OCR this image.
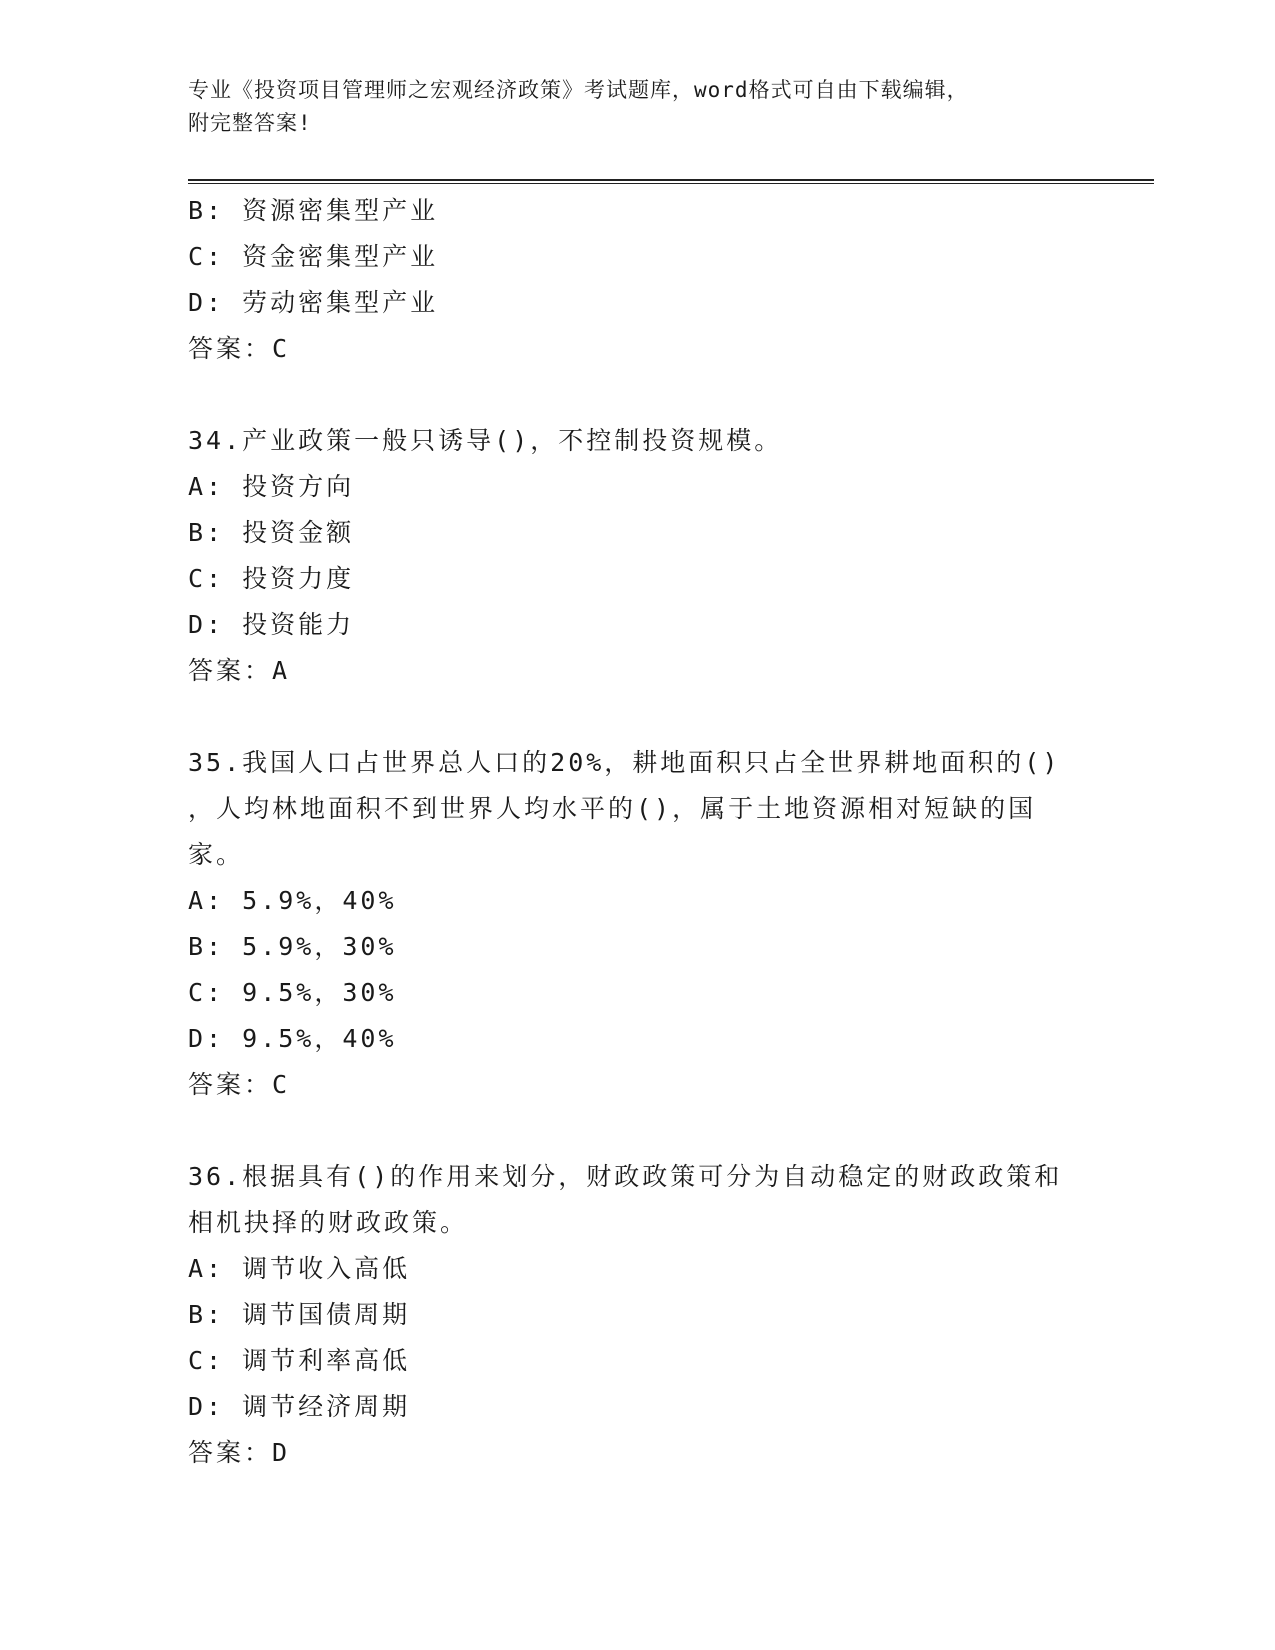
专业《投资项目管理师之宏观经济政策》考试题库，word格式可自由下载编辑，
附完整答案!
B: 资源密集型产业
C: 资金密集型产业
D: 劳动密集型产业
答案：C
34.产业政策一般只诱导()，不控制投资规模。
A: 投资方向
B: 投资金额
C: 投资力度
D: 投资能力
答案：A
35.我国人口占世界总人口的20%，耕地面积只占全世界耕地面积的()
，人均林地面积不到世界人均水平的()，属于土地资源相对短缺的国
家。
A: 5.9%，40%
B: 5.9%，30%
C: 9.5%，30%
D: 9.5%，40%
答案：C
36.根据具有()的作用来划分，财政政策可分为自动稳定的财政政策和
相机抉择的财政政策。
A: 调节收入高低
B: 调节国债周期
C: 调节利率高低
D: 调节经济周期
答案：D
